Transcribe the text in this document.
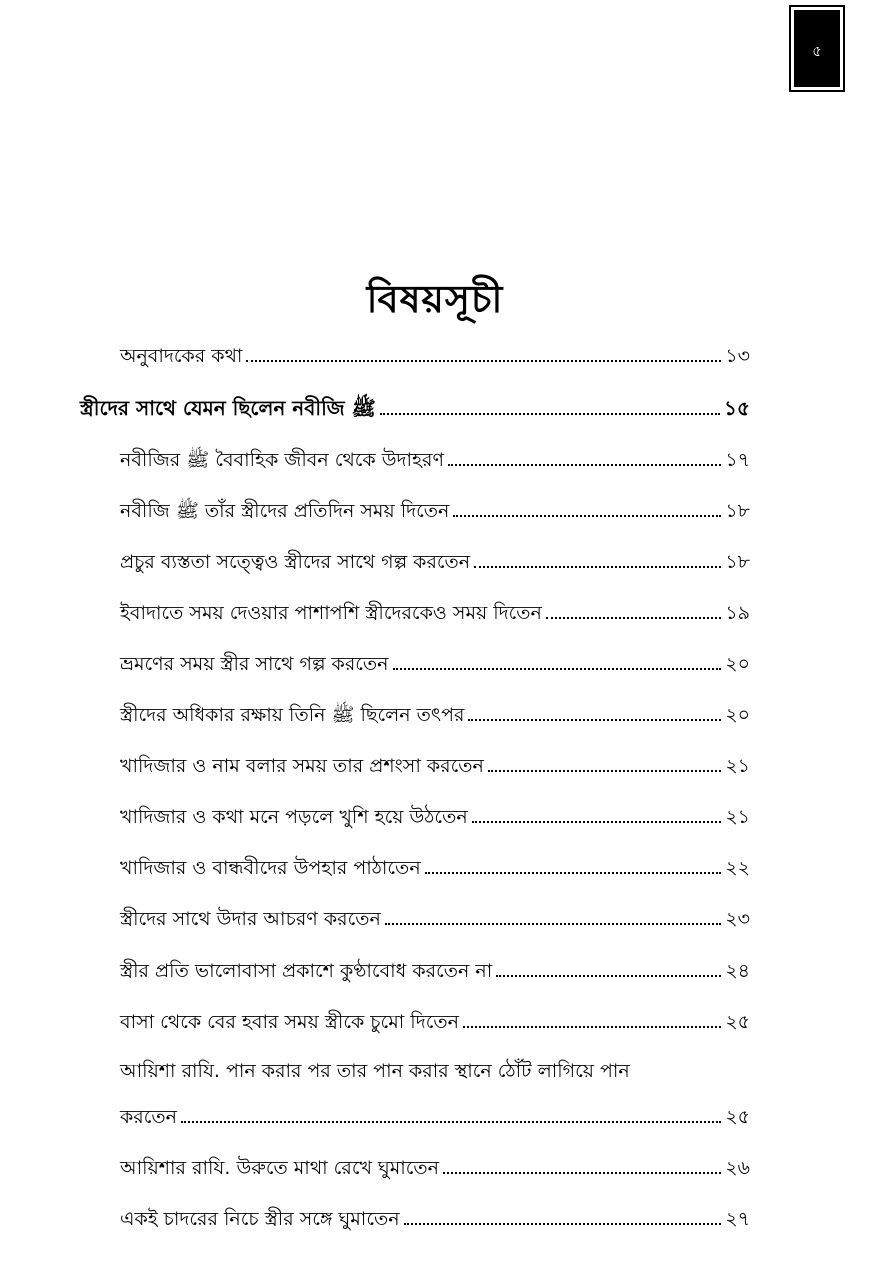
৫
বিষয়সূচী
অনুবাদকের কথা	১৩
স্ত্রীদের সাথে যেমন ছিলেন নবীজি ﷺ	১৫
নবীজির ﷺ বৈবাহিক জীবন থেকে উদাহরণ	১৭
নবীজি ﷺ তাঁর স্ত্রীদের প্রতিদিন সময় দিতেন	১৮
প্রচুর ব্যস্ততা সত্ত্বেও স্ত্রীদের সাথে গল্প করতেন	১৮
ইবাদাতে সময় দেওয়ার পাশাপশি স্ত্রীদেরকেও সময় দিতেন	১৯
ভ্রমণের সময় স্ত্রীর সাথে গল্প করতেন	২০
স্ত্রীদের অধিকার রক্ষায় তিনি ﷺ ছিলেন তৎপর	২০
খাদিজার ও নাম বলার সময় তার প্রশংসা করতেন	২১
খাদিজার ও কথা মনে পড়লে খুশি হয়ে উঠতেন	২১
খাদিজার ও বান্ধবীদের উপহার পাঠাতেন	২২
স্ত্রীদের সাথে উদার আচরণ করতেন	২৩
স্ত্রীর প্রতি ভালোবাসা প্রকাশে কুণ্ঠাবোধ করতেন না	২৪
বাসা থেকে বের হবার সময় স্ত্রীকে চুমো দিতেন	২৫
আয়িশা রাযি. পান করার পর তার পান করার স্থানে ঠোঁট লাগিয়ে পান
করতেন	২৫
আয়িশার রাযি. উরুতে মাথা রেখে ঘুমাতেন	২৬
একই চাদরের নিচে স্ত্রীর সঙ্গে ঘুমাতেন	২৭
